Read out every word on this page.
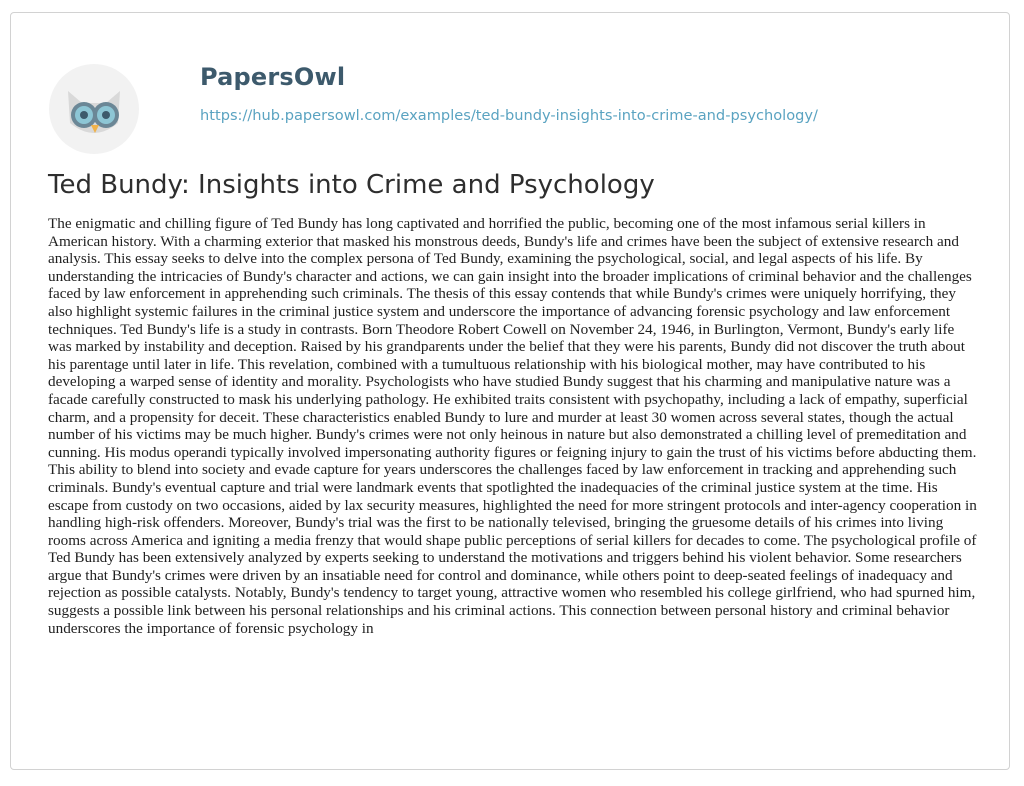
PapersOwl
https://hub.papersowl.com/examples/ted-bundy-insights-into-crime-and-psychology/
Ted Bundy: Insights into Crime and Psychology

The enigmatic and chilling figure of Ted Bundy has long captivated and horrified the public, becoming one of the most infamous serial killers in American history. With a charming exterior that masked his monstrous deeds, Bundy's life and crimes have been the subject of extensive research and analysis. This essay seeks to delve into the complex persona of Ted Bundy, examining the psychological, social, and legal aspects of his life. By understanding the intricacies of Bundy's character and actions, we can gain insight into the broader implications of criminal behavior and the challenges faced by law enforcement in apprehending such criminals. The thesis of this essay contends that while Bundy's crimes were uniquely horrifying, they also highlight systemic failures in the criminal justice system and underscore the importance of advancing forensic psychology and law enforcement techniques. Ted Bundy's life is a study in contrasts. Born Theodore Robert Cowell on November 24, 1946, in Burlington, Vermont, Bundy's early life was marked by instability and deception. Raised by his grandparents under the belief that they were his parents, Bundy did not discover the truth about his parentage until later in life. This revelation, combined with a tumultuous relationship with his biological mother, may have contributed to his developing a warped sense of identity and morality. Psychologists who have studied Bundy suggest that his charming and manipulative nature was a facade carefully constructed to mask his underlying pathology. He exhibited traits consistent with psychopathy, including a lack of empathy, superficial charm, and a propensity for deceit. These characteristics enabled Bundy to lure and murder at least 30 women across several states, though the actual number of his victims may be much higher. Bundy's crimes were not only heinous in nature but also demonstrated a chilling level of premeditation and cunning. His modus operandi typically involved impersonating authority figures or feigning injury to gain the trust of his victims before abducting them. This ability to blend into society and evade capture for years underscores the challenges faced by law enforcement in tracking and apprehending such criminals. Bundy's eventual capture and trial were landmark events that spotlighted the inadequacies of the criminal justice system at the time. His escape from custody on two occasions, aided by lax security measures, highlighted the need for more stringent protocols and inter-agency cooperation in handling high-risk offenders. Moreover, Bundy's trial was the first to be nationally televised, bringing the gruesome details of his crimes into living rooms across America and igniting a media frenzy that would shape public perceptions of serial killers for decades to come. The psychological profile of Ted Bundy has been extensively analyzed by experts seeking to understand the motivations and triggers behind his violent behavior. Some researchers argue that Bundy's crimes were driven by an insatiable need for control and dominance, while others point to deep-seated feelings of inadequacy and rejection as possible catalysts. Notably, Bundy's tendency to target young, attractive women who resembled his college girlfriend, who had spurned him, suggests a possible link between his personal relationships and his criminal actions. This connection between personal history and criminal behavior underscores the importance of forensic psychology in
